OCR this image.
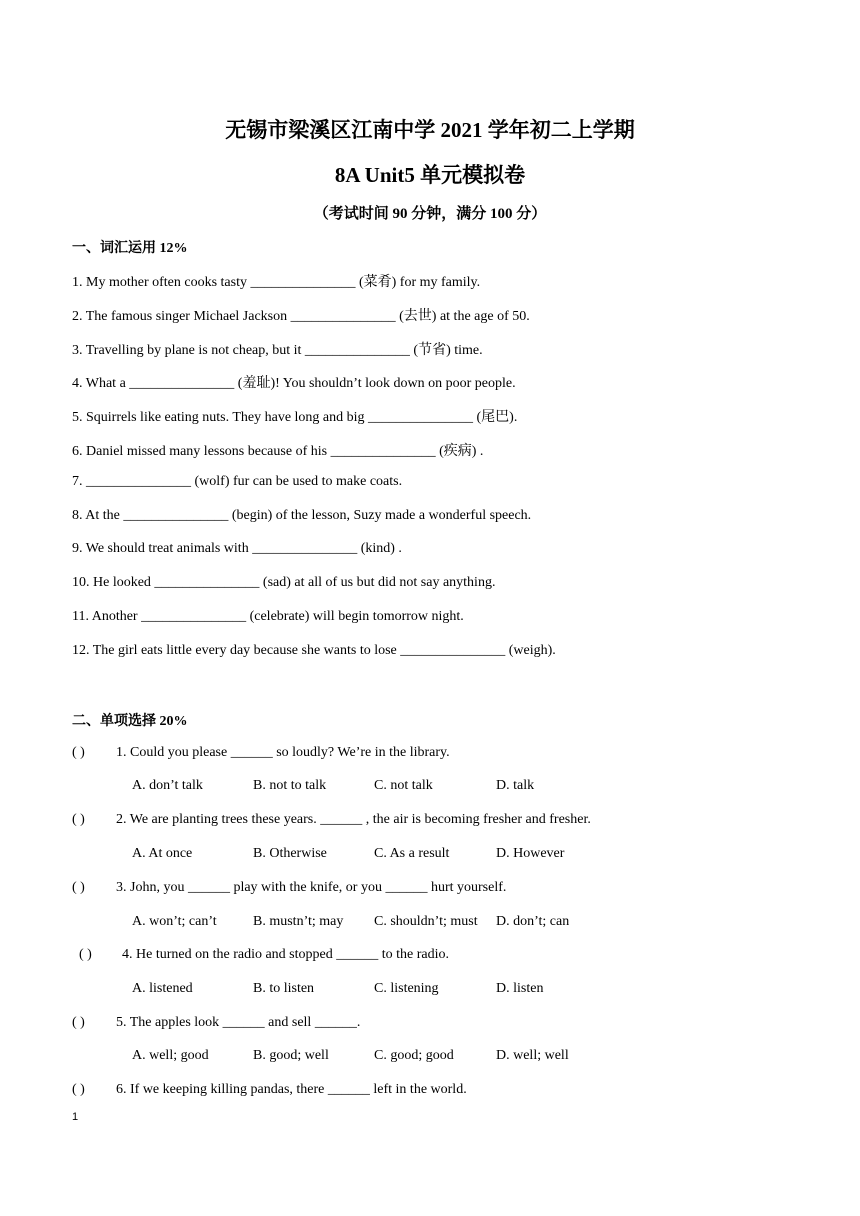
无锡市梁溪区江南中学 2021 学年初二上学期
8A Unit5 单元模拟卷
（考试时间 90 分钟，满分 100 分）
一、词汇运用 12%
1. My mother often cooks tasty _______________ (菜肴) for my family.
2. The famous singer Michael Jackson _______________ (去世) at the age of 50.
3. Travelling by plane is not cheap, but it _______________ (节省) time.
4. What a _______________ (羞耻)! You shouldn’t look down on poor people.
5. Squirrels like eating nuts. They have long and big _______________ (尾巴).
6. Daniel missed many lessons because of his _______________ (疾病) .
7. _______________ (wolf) fur can be used to make coats.
8. At the _______________ (begin) of the lesson, Suzy made a wonderful speech.
9. We should treat animals with _______________ (kind) .
10. He looked _______________ (sad) at all of us but did not say anything.
11. Another _______________ (celebrate) will begin tomorrow night.
12. The girl eats little every day because she wants to lose _______________ (weigh).
二、单项选择 20%
( ) 1. Could you please ______ so loudly? We’re in the library.
A. don’t talk	B. not to talk	C. not talk	D. talk
( ) 2. We are planting trees these years. ______ , the air is becoming fresher and fresher.
A. At once	B. Otherwise	C. As a result	D. However
( ) 3. John, you ______ play with the knife, or you ______ hurt yourself.
A. won’t; can’t	B. mustn’t; may C. shouldn’t; must D. don’t; can
( ) 4. He turned on the radio and stopped ______ to the radio.
A. listened	B. to listen	C. listening	D. listen
( ) 5. The apples look ______ and sell ______.
A. well; good	B. good; well	C. good; good	D. well; well
( ) 6. If we keeping killing pandas, there ______ left in the world.
1
